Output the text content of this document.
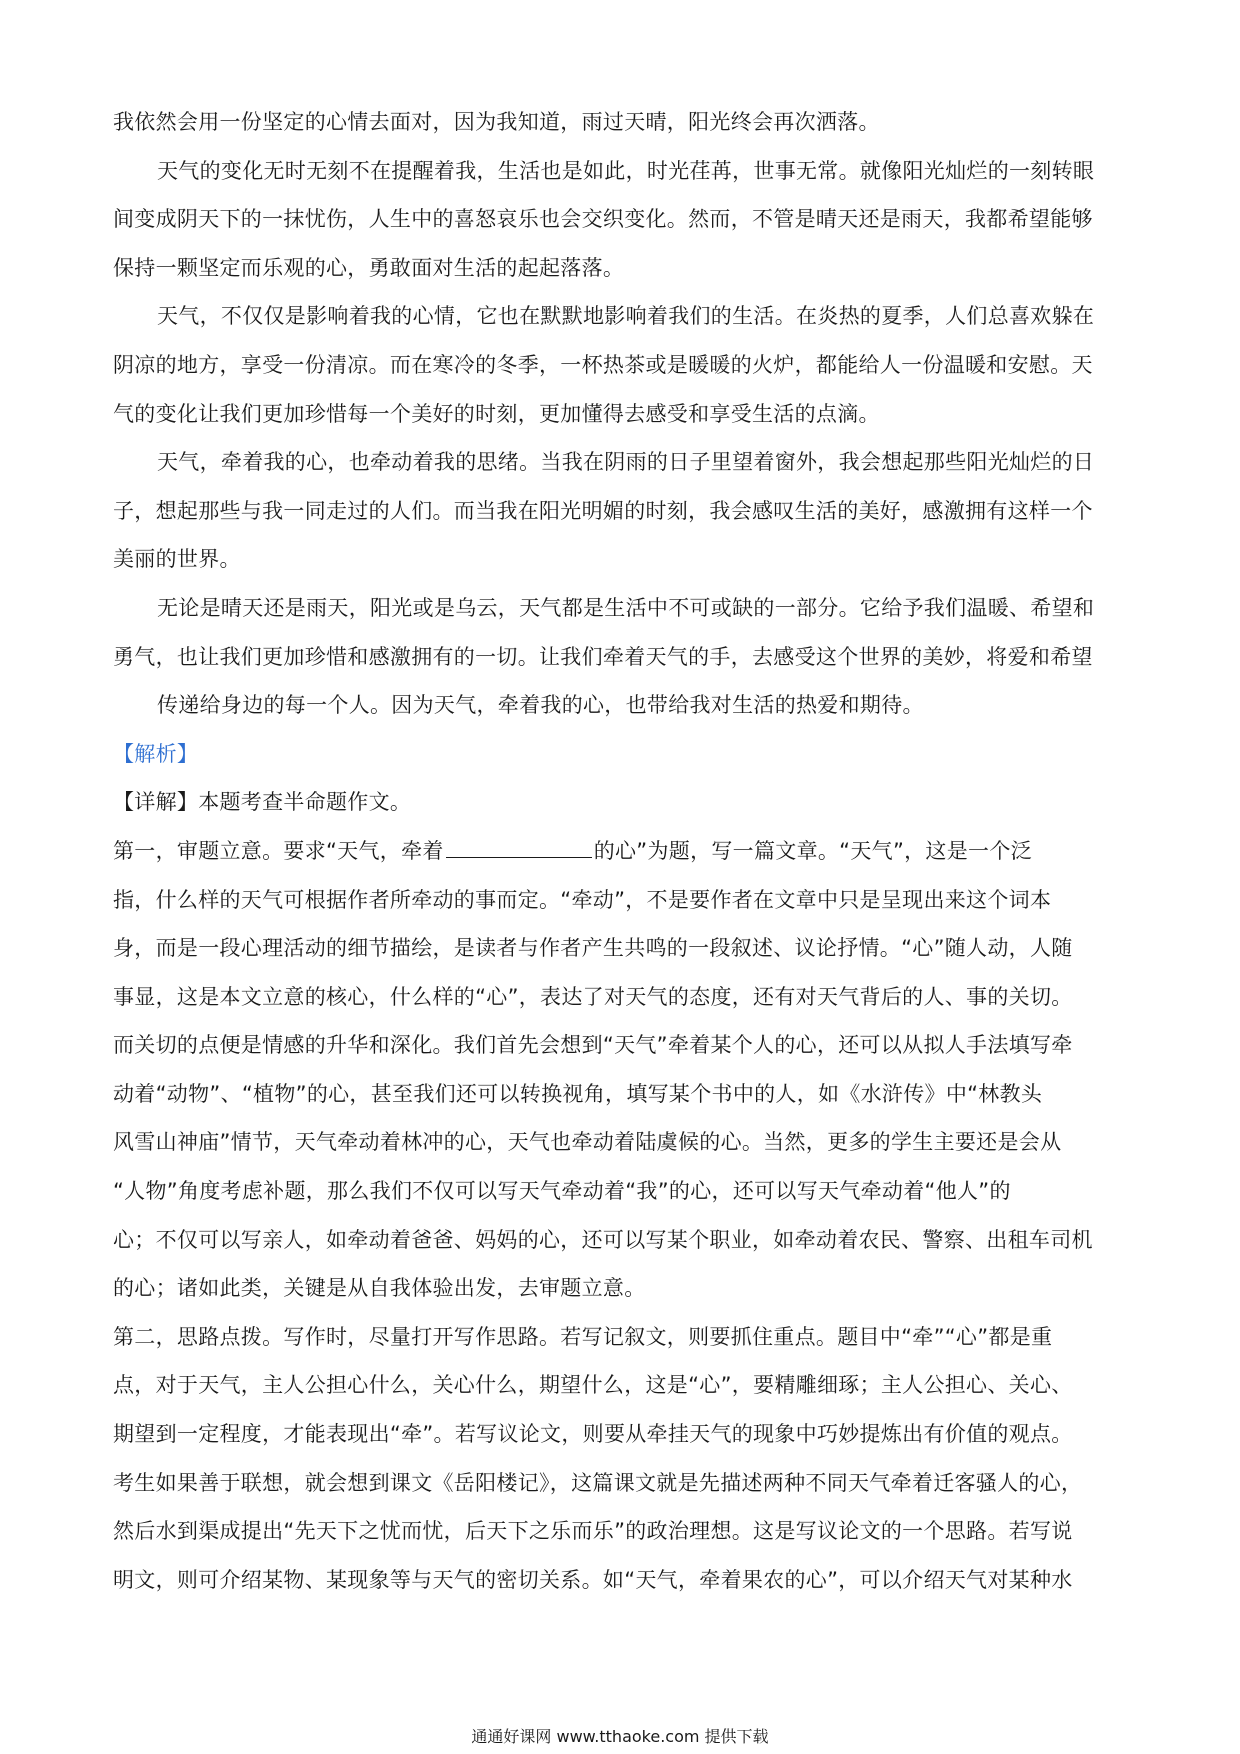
我依然会用一份坚定的心情去面对，因为我知道，雨过天晴，阳光终会再次洒落。
天气的变化无时无刻不在提醒着我，生活也是如此，时光荏苒，世事无常。就像阳光灿烂的一刻转眼
间变成阴天下的一抹忧伤，人生中的喜怒哀乐也会交织变化。然而，不管是晴天还是雨天，我都希望能够
保持一颗坚定而乐观的心，勇敢面对生活的起起落落。
天气，不仅仅是影响着我的心情，它也在默默地影响着我们的生活。在炎热的夏季，人们总喜欢躲在
阴凉的地方，享受一份清凉。而在寒冷的冬季，一杯热茶或是暖暖的火炉，都能给人一份温暖和安慰。天
气的变化让我们更加珍惜每一个美好的时刻，更加懂得去感受和享受生活的点滴。
天气，牵着我的心，也牵动着我的思绪。当我在阴雨的日子里望着窗外，我会想起那些阳光灿烂的日
子，想起那些与我一同走过的人们。而当我在阳光明媚的时刻，我会感叹生活的美好，感激拥有这样一个
美丽的世界。
无论是晴天还是雨天，阳光或是乌云，天气都是生活中不可或缺的一部分。它给予我们温暖、希望和
勇气，也让我们更加珍惜和感激拥有的一切。让我们牵着天气的手，去感受这个世界的美妙，将爱和希望
传递给身边的每一个人。因为天气，牵着我的心，也带给我对生活的热爱和期待。
【解析】
【详解】本题考查半命题作文。
第一，审题立意。要求“天气，牵着	的心”为题，写一篇文章。“天气”，这是一个泛
指，什么样的天气可根据作者所牵动的事而定。“牵动”，不是要作者在文章中只是呈现出来这个词本
身，而是一段心理活动的细节描绘，是读者与作者产生共鸣的一段叙述、议论抒情。“心”随人动，人随
事显，这是本文立意的核心，什么样的“心”，表达了对天气的态度，还有对天气背后的人、事的关切。
而关切的点便是情感的升华和深化。我们首先会想到“天气”牵着某个人的心，还可以从拟人手法填写牵
动着“动物”、“植物”的心，甚至我们还可以转换视角，填写某个书中的人，如《水浒传》中“林教头
风雪山神庙”情节，天气牵动着林冲的心，天气也牵动着陆虞候的心。当然，更多的学生主要还是会从
“人物”角度考虑补题，那么我们不仅可以写天气牵动着“我”的心，还可以写天气牵动着“他人”的
心；不仅可以写亲人，如牵动着爸爸、妈妈的心，还可以写某个职业，如牵动着农民、警察、出租车司机
的心；诸如此类，关键是从自我体验出发，去审题立意。
第二，思路点拨。写作时，尽量打开写作思路。若写记叙文，则要抓住重点。题目中“牵”“心”都是重
点，对于天气，主人公担心什么，关心什么，期望什么，这是“心”，要精雕细琢；主人公担心、关心、
期望到一定程度，才能表现出“牵”。若写议论文，则要从牵挂天气的现象中巧妙提炼出有价值的观点。
考生如果善于联想，就会想到课文《岳阳楼记》，这篇课文就是先描述两种不同天气牵着迁客骚人的心，
然后水到渠成提出“先天下之忧而忧，后天下之乐而乐”的政治理想。这是写议论文的一个思路。若写说
明文，则可介绍某物、某现象等与天气的密切关系。如“天气，牵着果农的心”，可以介绍天气对某种水
通通好课网 www.tthaoke.com 提供下载
